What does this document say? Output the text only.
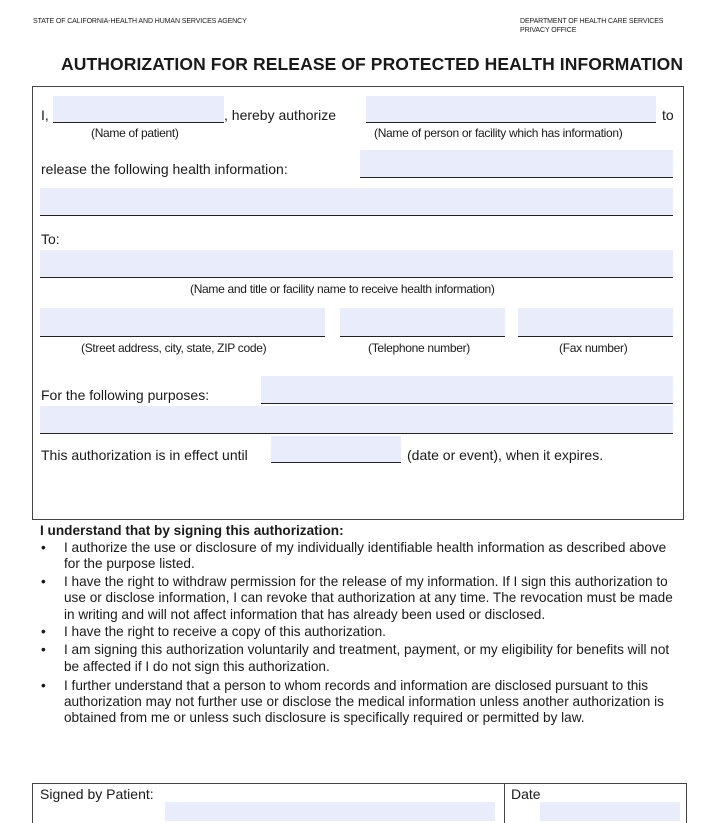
STATE OF CALIFORNIA-HEALTH AND HUMAN SERVICES AGENCY	DEPARTMENT OF HEALTH CARE SERVICES
PRIVACY OFFICE
AUTHORIZATION FOR RELEASE OF PROTECTED HEALTH INFORMATION
I,	, hereby authorize	to
(Name of patient)	(Name of person or facility which has information)
release the following health information:
To:
(Name and title or facility name to receive health information)
(Street address, city, state, ZIP code)	(Telephone number)	(Fax number)
For the following purposes:
This authorization is in effect until	(date or event), when it expires.
I understand that by signing this authorization:
• I authorize the use or disclosure of my individually identifiable health information as described above for the purpose listed.
• I have the right to withdraw permission for the release of my information. If I sign this authorization to use or disclose information, I can revoke that authorization at any time. The revocation must be made in writing and will not affect information that has already been used or disclosed.
• I have the right to receive a copy of this authorization.
• I am signing this authorization voluntarily and treatment, payment, or my eligibility for benefits will not be affected if I do not sign this authorization.
• I further understand that a person to whom records and information are disclosed pursuant to this authorization may not further use or disclose the medical information unless another authorization is obtained from me or unless such disclosure is specifically required or permitted by law.
Signed by Patient:	Date
